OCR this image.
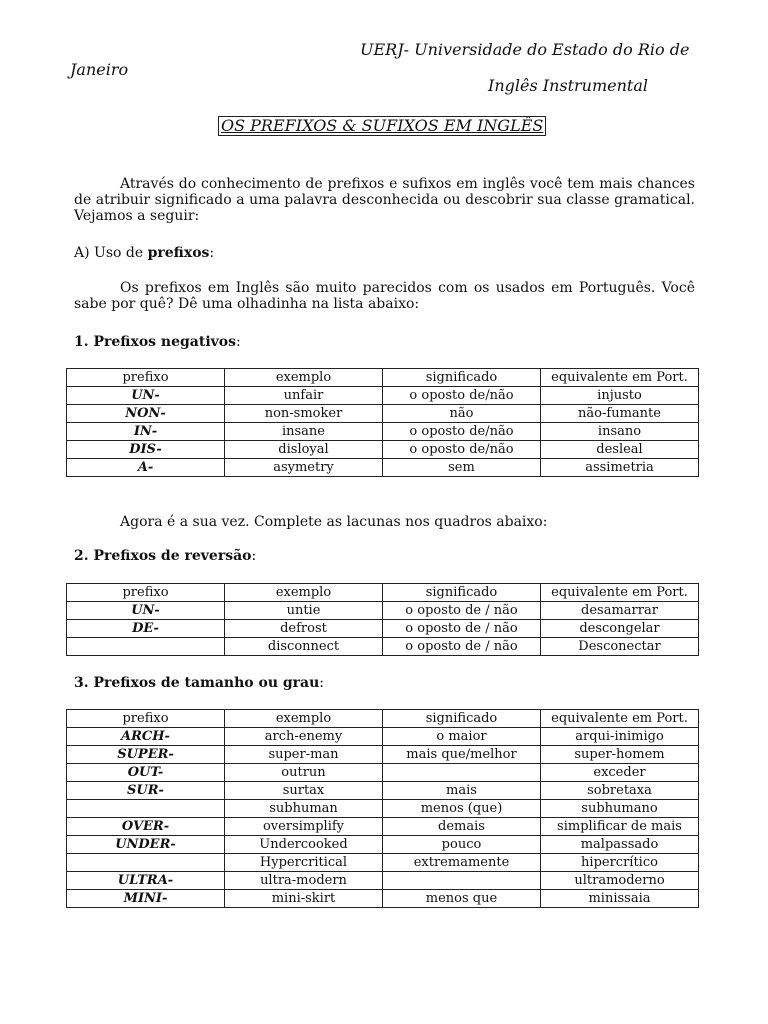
UERJ- Universidade do Estado do Rio de
Janeiro
Inglês Instrumental
OS PREFIXOS & SUFIXOS EM INGLÊS
Através do conhecimento de prefixos e sufixos em inglês você tem mais chances de atribuir significado a uma palavra desconhecida ou descobrir sua classe gramatical. Vejamos a seguir:
A) Uso de prefixos:
Os prefixos em Inglês são muito parecidos com os usados em Português. Você sabe por quê? Dê uma olhadinha na lista abaixo:
1. Prefixos negativos:
prefixo	exemplo	significado	equivalente em Port.
UN-	unfair	o oposto de/não	injusto
NON-	non-smoker	não	não-fumante
IN-	insane	o oposto de/não	insano
DIS-	disloyal	o oposto de/não	desleal
A-	asymetry	sem	assimetria
Agora é a sua vez. Complete as lacunas nos quadros abaixo:
2. Prefixos de reversão:
prefixo	exemplo	significado	equivalente em Port.
UN-	untie	o oposto de / não	desamarrar
DE-	defrost	o oposto de / não	descongelar
	disconnect	o oposto de / não	Desconectar
3. Prefixos de tamanho ou grau:
prefixo	exemplo	significado	equivalente em Port.
ARCH-	arch-enemy	o maior	arqui-inimigo
SUPER-	super-man	mais que/melhor	super-homem
OUT-	outrun		exceder
SUR-	surtax	mais	sobretaxa
	subhuman	menos (que)	subhumano
OVER-	oversimplify	demais	simplificar de mais
UNDER-	Undercooked	pouco	malpassado
	Hypercritical	extremamente	hipercrítico
ULTRA-	ultra-modern		ultramoderno
MINI-	mini-skirt	menos que	minissaia
